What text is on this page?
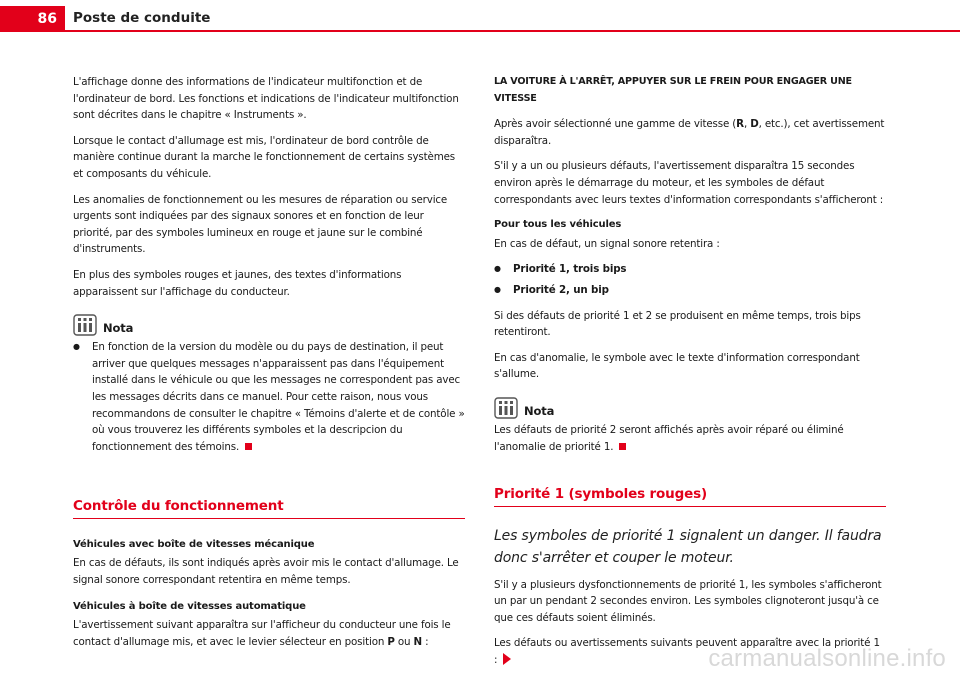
86	Poste de conduite

L'affichage donne des informations de l'indicateur multifonction et de l'ordinateur de bord. Les fonctions et indications de l'indicateur multifonction sont décrites dans le chapitre « Instruments ».

Lorsque le contact d'allumage est mis, l'ordinateur de bord contrôle de manière continue durant la marche le fonctionnement de certains systèmes et composants du véhicule.

Les anomalies de fonctionnement ou les mesures de réparation ou service urgents sont indiquées par des signaux sonores et en fonction de leur priorité, par des symboles lumineux en rouge et jaune sur le combiné d'instruments.

En plus des symboles rouges et jaunes, des textes d'informations apparaissent sur l'affichage du conducteur.

Nota
●
En fonction de la version du modèle ou du pays de destination, il peut arriver que quelques messages n'apparaissent pas dans l'équipement installé dans le véhicule ou que les messages ne correspondent pas avec les messages décrits dans ce manuel. Pour cette raison, nous vous recommandons de consulter le chapitre « Témoins d'alerte et de contôle » où vous trouverez les différents symboles et la descripcion du fonctionnement des témoins.
Contrôle du fonctionnement
Véhicules avec boîte de vitesses mécanique

En cas de défauts, ils sont indiqués après avoir mis le contact d'allumage. Le signal sonore correspondant retentira en même temps.

Véhicules à boîte de vitesses automatique

L'avertissement suivant apparaîtra sur l'afficheur du conducteur une fois le contact d'allumage mis, et avec le levier sélecteur en position P ou N :

LA VOITURE À L'ARRÊT, APPUYER SUR LE FREIN POUR ENGAGER UNE VITESSE

Après avoir sélectionné une gamme de vitesse (R, D, etc.), cet avertissement disparaîtra.

S'il y a un ou plusieurs défauts, l'avertissement disparaîtra 15 secondes environ après le démarrage du moteur, et les symboles de défaut correspondants avec leurs textes d'information correspondants s'afficheront :

Pour tous les véhicules

En cas de défaut, un signal sonore retentira :

●
Priorité 1, trois bips
●
Priorité 2, un bip

Si des défauts de priorité 1 et 2 se produisent en même temps, trois bips retentiront.

En cas d'anomalie, le symbole avec le texte d'information correspondant s'allume.

Nota

Les défauts de priorité 2 seront affichés après avoir réparé ou éliminé l'anomalie de priorité 1.

Priorité 1 (symboles rouges)
Les symboles de priorité 1 signalent un danger. Il faudra donc s'arrêter et couper le moteur.

S'il y a plusieurs dysfonctionnements de priorité 1, les symboles s'afficheront un par un pendant 2 secondes environ. Les symboles clignoteront jusqu'à ce que ces défauts soient éliminés.

Les défauts ou avertissements suivants peuvent apparaître avec la priorité 1 :	carmanualsonline.info
